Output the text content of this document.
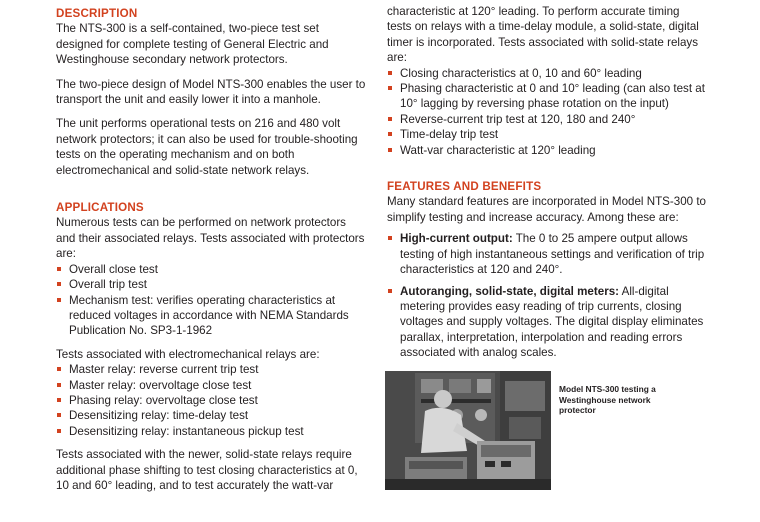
DESCRIPTION

The NTS-300 is a self-contained, two-piece test set designed for complete testing of General Electric and Westinghouse secondary network protectors.

The two-piece design of Model NTS-300 enables the user to transport the unit and easily lower it into a manhole.

The unit performs operational tests on 216 and 480 volt network protectors; it can also be used for trouble-shooting tests on the operating mechanism and on both electromechanical and solid-state network relays.

APPLICATIONS

Numerous tests can be performed on network protectors and their associated relays. Tests associated with protectors are:

Overall close test
Overall trip test
Mechanism test: verifies operating characteristics at reduced voltages in accordance with NEMA Standards Publication No. SP3-1-1962

Tests associated with electromechanical relays are:

Master relay: reverse current trip test
Master relay: overvoltage close test
Phasing relay: overvoltage close test
Desensitizing relay: time-delay test
Desensitizing relay: instantaneous pickup test

Tests associated with the newer, solid-state relays require additional phase shifting to test closing characteristics at 0, 10 and 60° leading, and to test accurately the watt-var

characteristic at 120° leading. To perform accurate timing tests on relays with a time-delay module, a solid-state, digital timer is incorporated. Tests associated with solid-state relays are:

Closing characteristics at 0, 10 and 60° leading
Phasing characteristic at 0 and 10° leading (can also test at 10° lagging by reversing phase rotation on the input)
Reverse-current trip test at 120, 180 and 240°
Time-delay trip test
Watt-var characteristic at 120° leading
FEATURES AND BENEFITS

Many standard features are incorporated in Model NTS-300 to simplify testing and increase accuracy. Among these are:

High-current output: The 0 to 25 ampere output allows testing of high instantaneous settings and verification of trip characteristics at 120 and 240°.

Autoranging, solid-state, digital meters: All-digital metering provides easy reading of trip currents, closing voltages and supply voltages. The digital display eliminates parallax, interpretation, interpolation and reading errors associated with analog scales.

Model NTS-300 testing a Westinghouse network protector
